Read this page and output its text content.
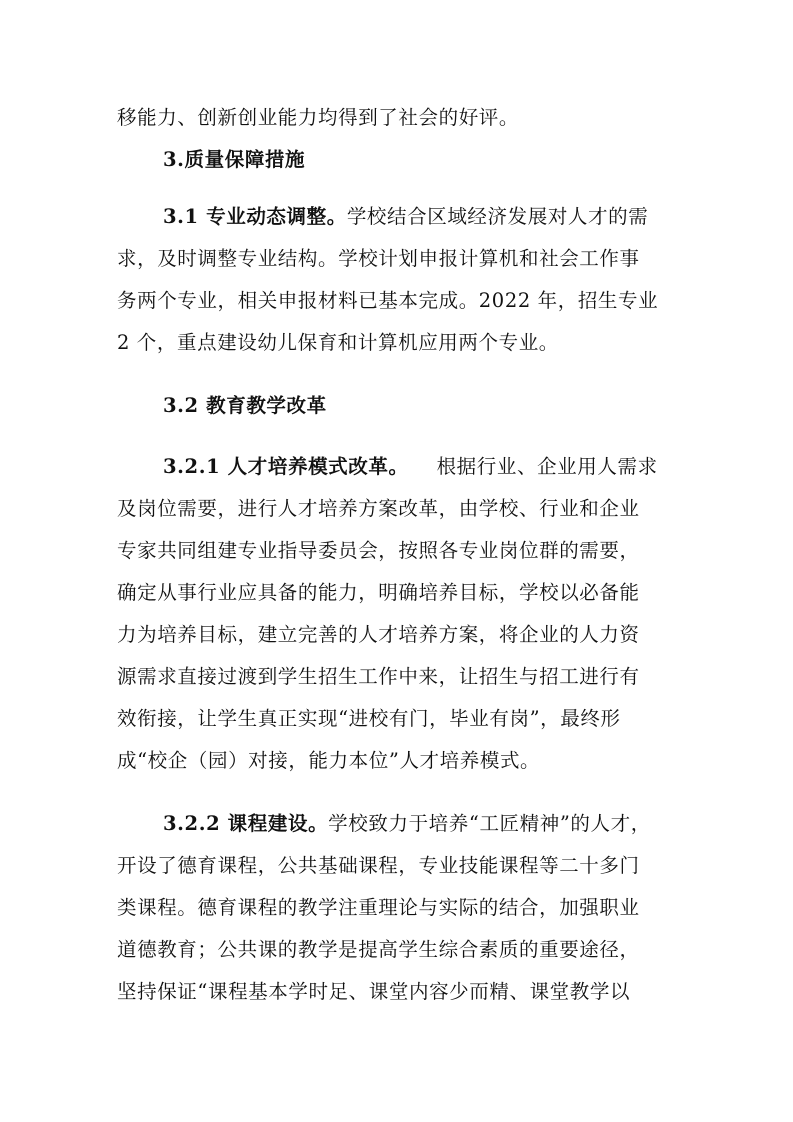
移能力、创新创业能力均得到了社会的好评。
3.质量保障措施
3.1 专业动态调整。学校结合区域经济发展对人才的需
求，及时调整专业结构。学校计划申报计算机和社会工作事
务两个专业，相关申报材料已基本完成。2022 年，招生专业
2 个，重点建设幼儿保育和计算机应用两个专业。
3.2 教育教学改革
3.2.1 人才培养模式改革。 根据行业、企业用人需求
及岗位需要，进行人才培养方案改革，由学校、行业和企业
专家共同组建专业指导委员会，按照各专业岗位群的需要，
确定从事行业应具备的能力，明确培养目标，学校以必备能
力为培养目标，建立完善的人才培养方案，将企业的人力资
源需求直接过渡到学生招生工作中来，让招生与招工进行有
效衔接，让学生真正实现“进校有门，毕业有岗”，最终形
成“校企（园）对接，能力本位”人才培养模式。
3.2.2 课程建设。学校致力于培养“工匠精神”的人才，
开设了德育课程，公共基础课程，专业技能课程等二十多门
类课程。德育课程的教学注重理论与实际的结合，加强职业
道德教育；公共课的教学是提高学生综合素质的重要途径，
坚持保证“课程基本学时足、课堂内容少而精、课堂教学以
